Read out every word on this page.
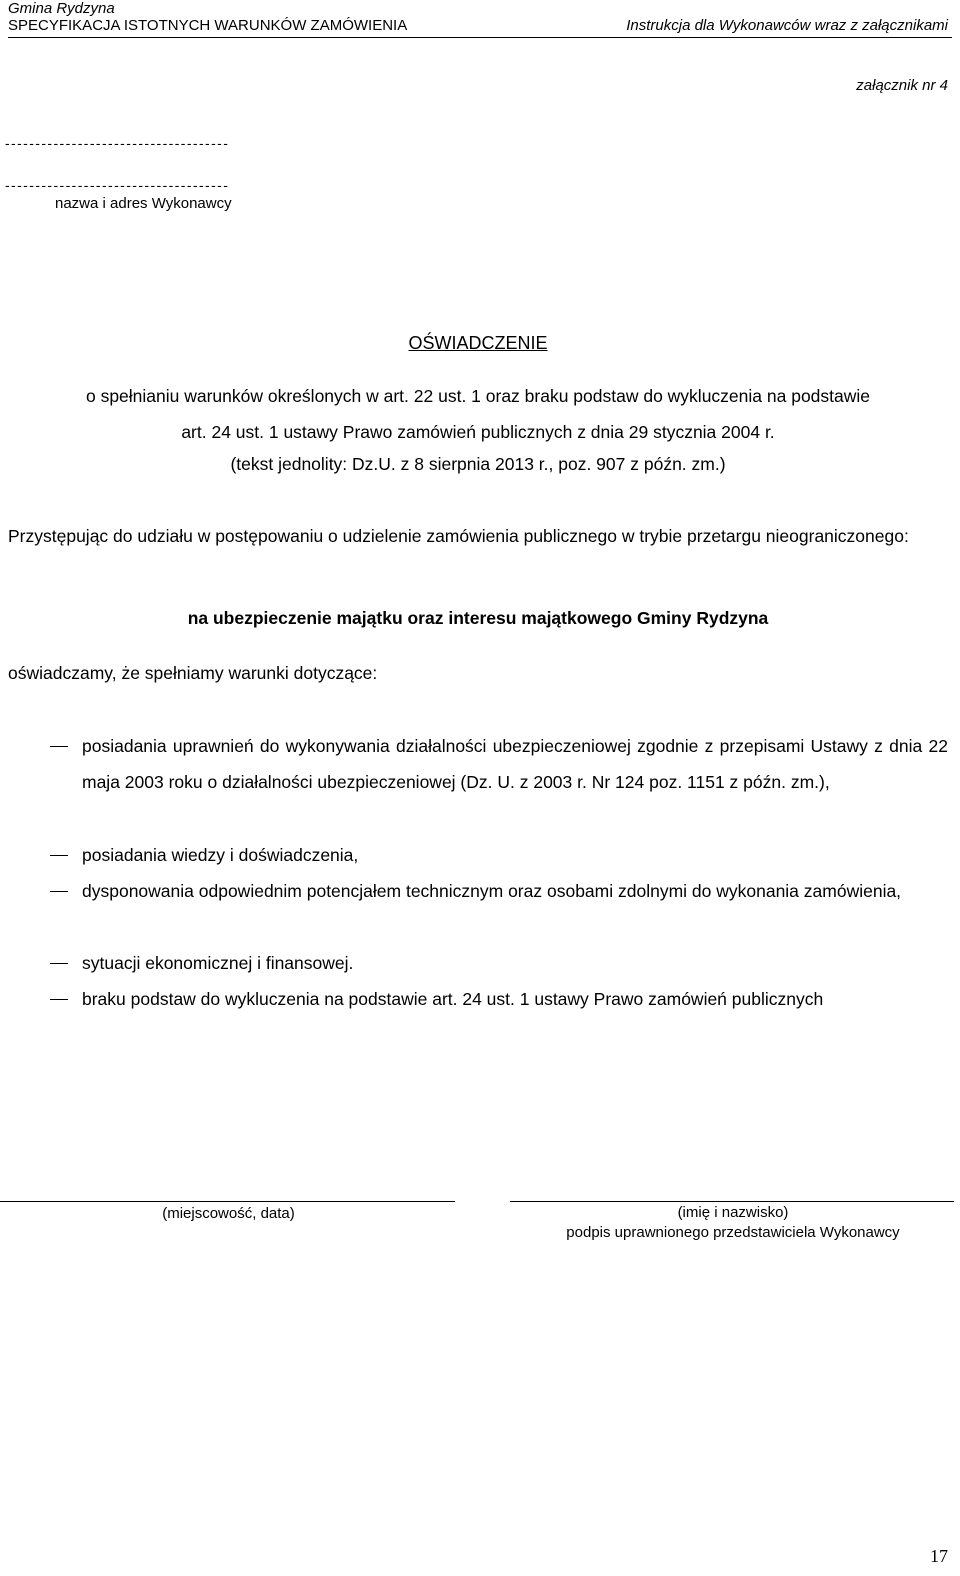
Gmina Rydzyna
SPECYFIKACJA ISTOTNYCH WARUNKÓW ZAMÓWIENIA	Instrukcja dla Wykonawców wraz z załącznikami
załącznik nr 4
-------------------------------------
-------------------------------------
nazwa i adres Wykonawcy
OŚWIADCZENIE
o spełnianiu warunków określonych w art. 22 ust. 1 oraz braku podstaw do wykluczenia na podstawie
art. 24 ust. 1 ustawy Prawo zamówień publicznych z dnia 29 stycznia 2004 r.
(tekst jednolity: Dz.U. z 8 sierpnia 2013 r., poz. 907 z późn. zm.)
Przystępując do udziału w postępowaniu o udzielenie zamówienia publicznego w trybie przetargu nieograniczonego:
na ubezpieczenie majątku oraz interesu majątkowego Gminy Rydzyna
oświadczamy, że spełniamy warunki dotyczące:
posiadania uprawnień do wykonywania działalności ubezpieczeniowej zgodnie z przepisami Ustawy z dnia 22 maja 2003 roku o działalności ubezpieczeniowej (Dz. U. z 2003 r. Nr 124 poz. 1151 z późn. zm.),
posiadania wiedzy i doświadczenia,
dysponowania odpowiednim potencjałem technicznym oraz osobami zdolnymi do wykonania zamówienia,
sytuacji ekonomicznej i finansowej.
braku podstaw do wykluczenia na podstawie art. 24 ust. 1 ustawy Prawo zamówień publicznych
(miejscowość, data)	(imię i nazwisko)
podpis uprawnionego przedstawiciela Wykonawcy
17
